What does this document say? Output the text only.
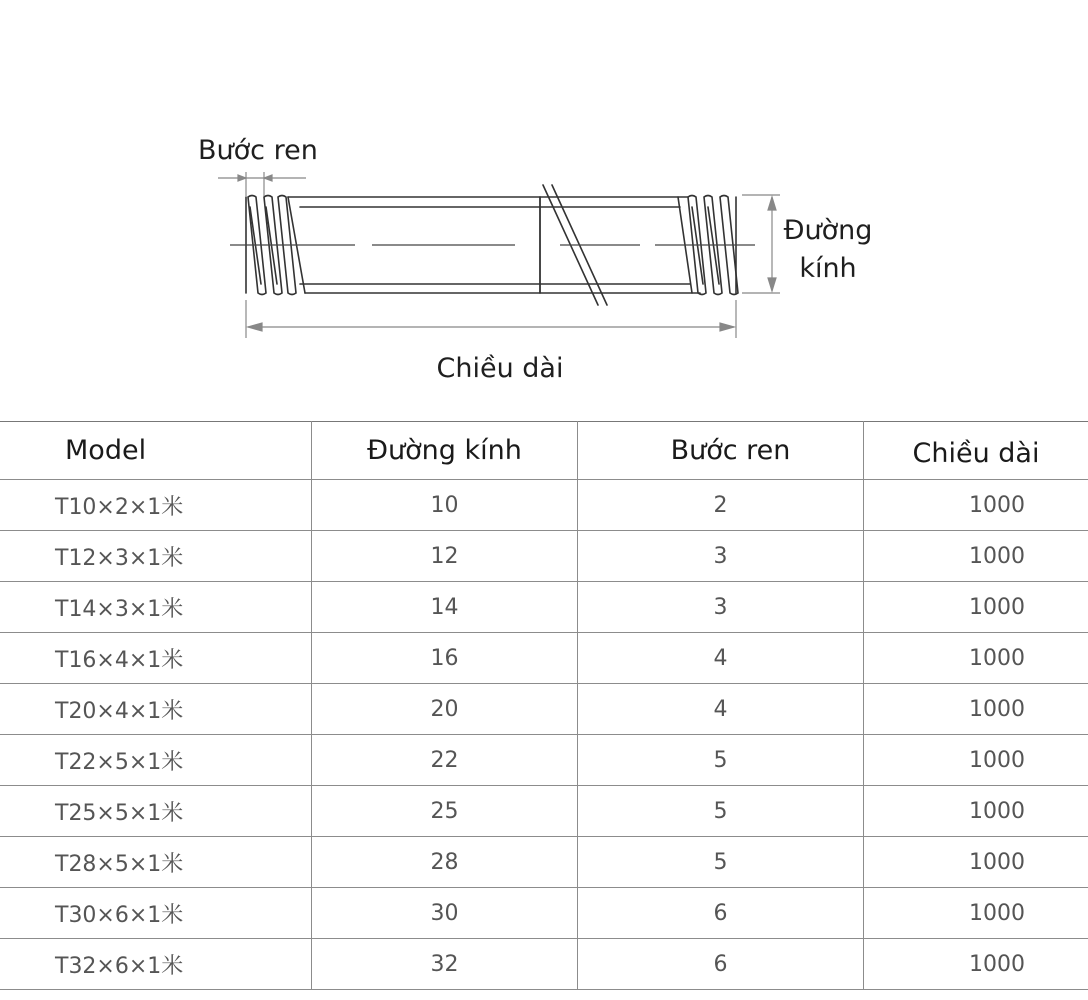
Bước ren
Đường kính
Chiều dài
Model	Đường kính	Bước ren	Chiều dài
T10×2×1米	10	2	1000
T12×3×1米	12	3	1000
T14×3×1米	14	3	1000
T16×4×1米	16	4	1000
T20×4×1米	20	4	1000
T22×5×1米	22	5	1000
T25×5×1米	25	5	1000
T28×5×1米	28	5	1000
T30×6×1米	30	6	1000
T32×6×1米	32	6	1000
